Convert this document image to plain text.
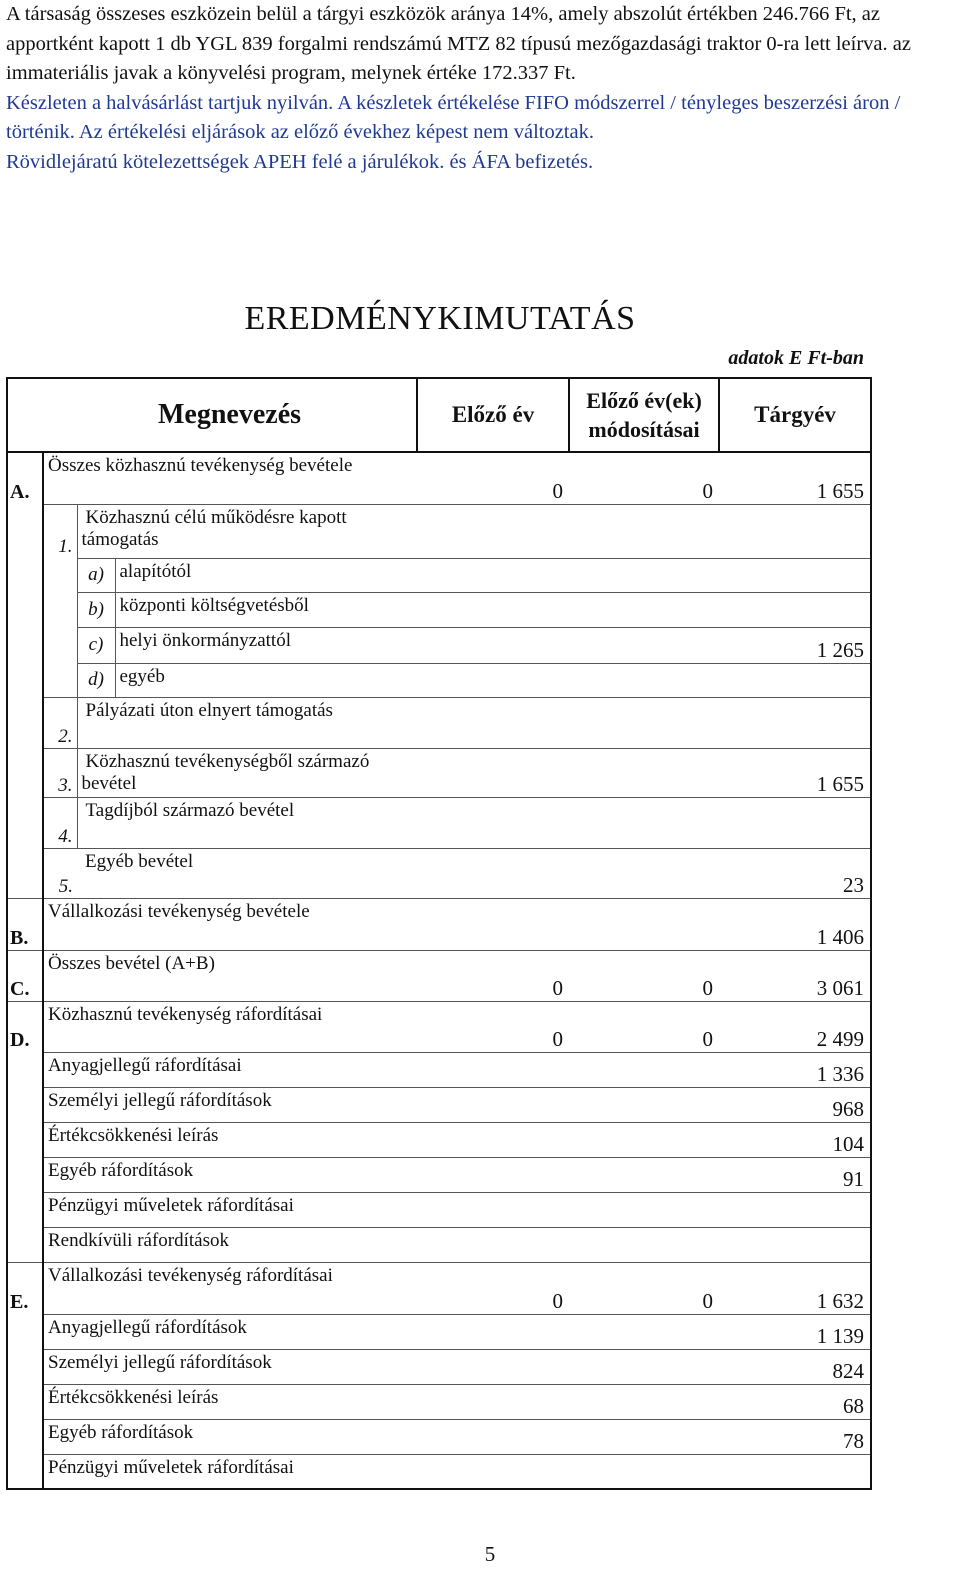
A társaság összeses eszközein belül a tárgyi eszközök aránya 14%, amely abszolút értékben 246.766 Ft, az apportként kapott 1 db YGL 839 forgalmi rendszámú MTZ 82 típusú mezőgazdasági traktor 0-ra lett leírva. az immateriális javak a könyvelési program, melynek értéke 172.337 Ft.

Készleten a halvásárlást tartjuk nyilván. A készletek értékelése FIFO módszerrel / tényleges beszerzési áron / történik. Az értékelési eljárások az előző évekhez képest nem változtak.

Rövidlejáratú kötelezettségek APEH felé a járulékok. és ÁFA befizetés.

EREDMÉNYKIMUTATÁS
adatok E Ft-ban
	Megnevezés			Előző év	Előző év(ek)
módosításai	Tárgyév
A.	Összes közhasznú tevékenység bevétele			0	0	1 655
	1.	Közhasznú célú működésre kapott
támogatás				
		a)	alapítótól			
		b)	központi költségvetésből			
		c)	helyi önkormányzattól			1 265
		d)	egyéb			
	2.	Pályázati úton elnyert támogatás				
	3.	Közhasznú tevékenységből származó
bevétel				1 655
	4.	Tagdíjból származó bevétel				
	5.	Egyéb bevétel				23
B.	Vállalkozási tevékenység bevétele					1 406
C.	Összes bevétel (A+B)			0	0	3 061
D.	Közhasznú tevékenység ráfordításai			0	0	2 499
	Anyagjellegű ráfordításai					1 336
	Személyi jellegű ráfordítások					968
	Értékcsökkenési leírás					104
	Egyéb ráfordítások					91
	Pénzügyi műveletek ráfordításai					
	Rendkívüli ráfordítások					
E.	Vállalkozási tevékenység ráfordításai			0	0	1 632
	Anyagjellegű ráfordítások					1 139
	Személyi jellegű ráfordítások					824
	Értékcsökkenési leírás					68
	Egyéb ráfordítások					78
	Pénzügyi műveletek ráfordításai					
5
